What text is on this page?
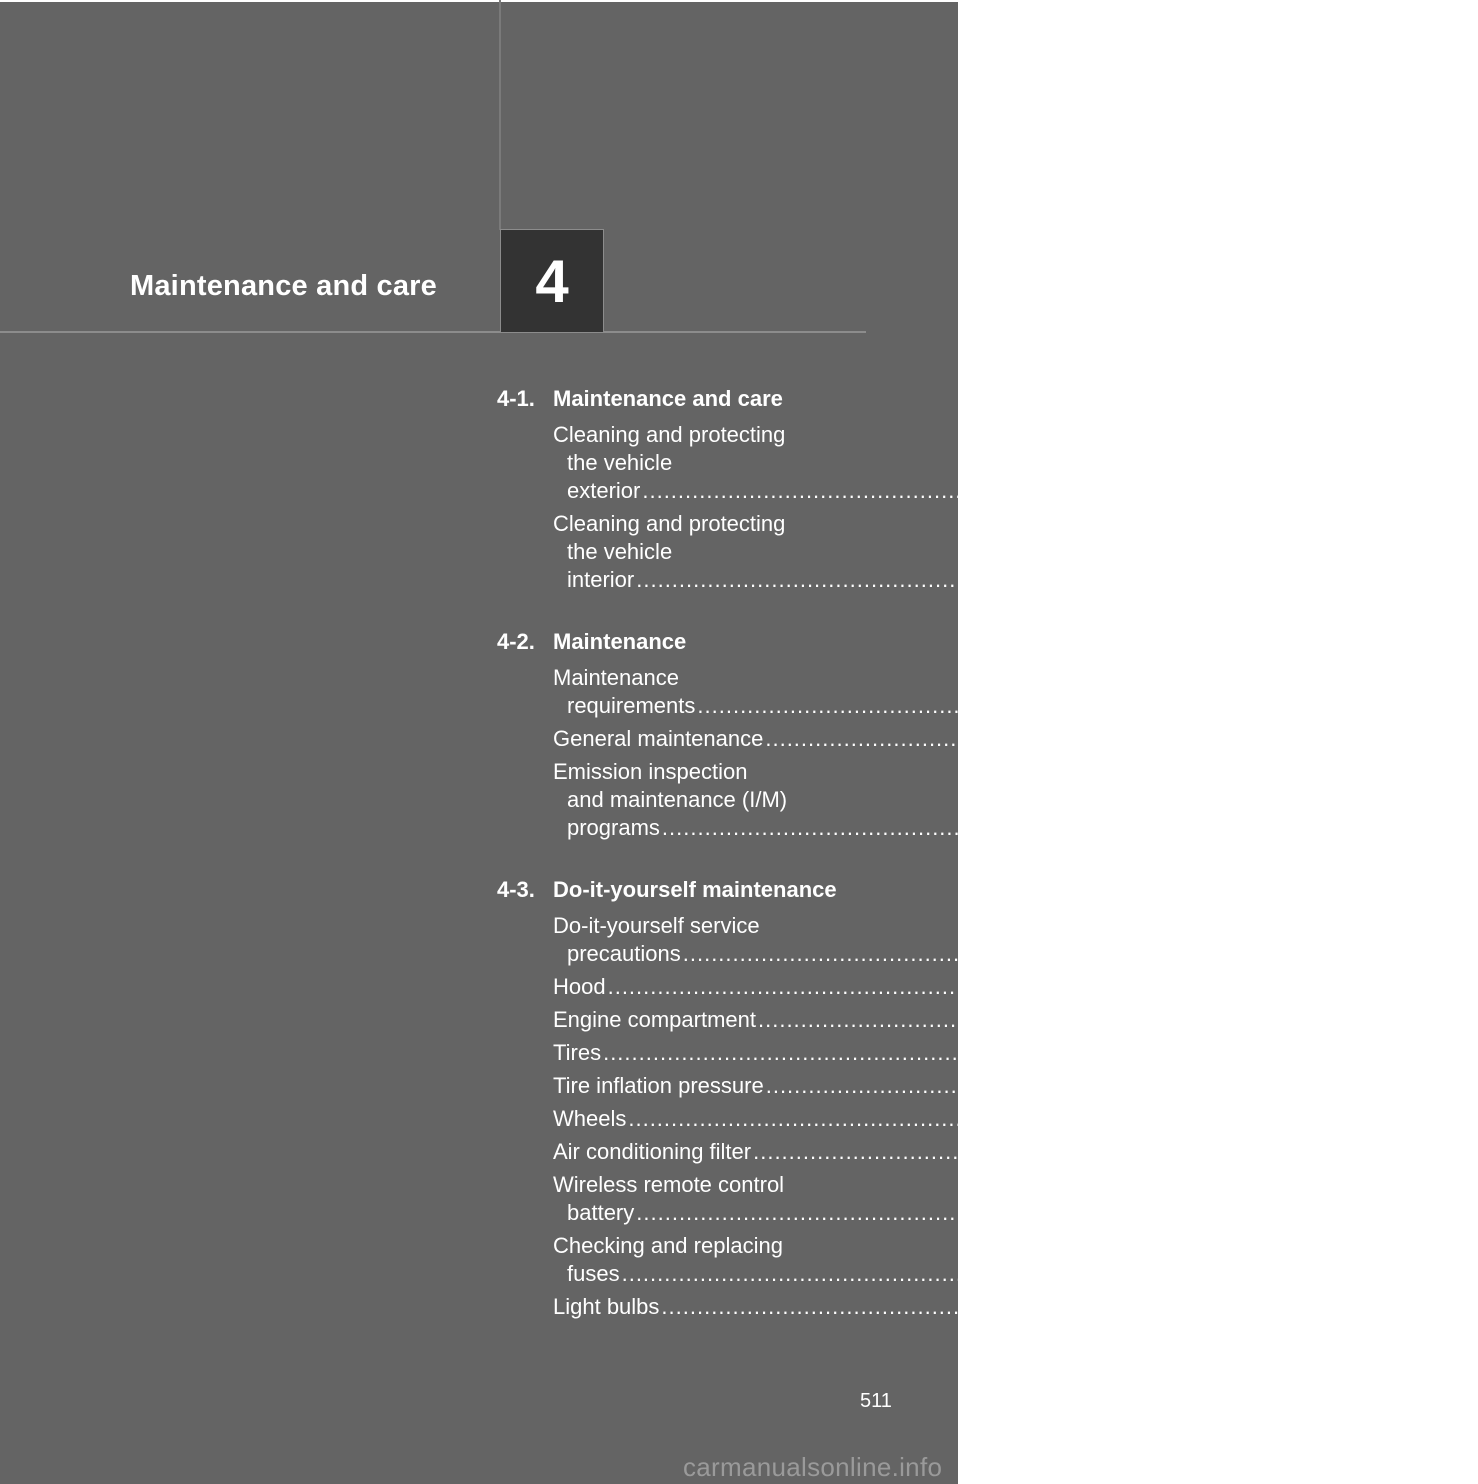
Maintenance and care	4
4-1. Maintenance and care
Cleaning and protecting
the vehicle exterior .....	512
Cleaning and protecting
the vehicle interior .....	514
4-2. Maintenance
Maintenance
requirements .....	517
General maintenance .....	519
Emission inspection
and maintenance (I/M)
programs .....	522
4-3. Do-it-yourself maintenance
Do-it-yourself service
precautions .....	523
Hood .....	527
Engine compartment .....	528
Tires .....	542
Tire inflation pressure .....	549
Wheels .....	553
Air conditioning filter .....	555
Wireless remote control
battery .....	558
Checking and replacing
fuses .....	560
Light bulbs .....	571
511
carmanualsonline.info
